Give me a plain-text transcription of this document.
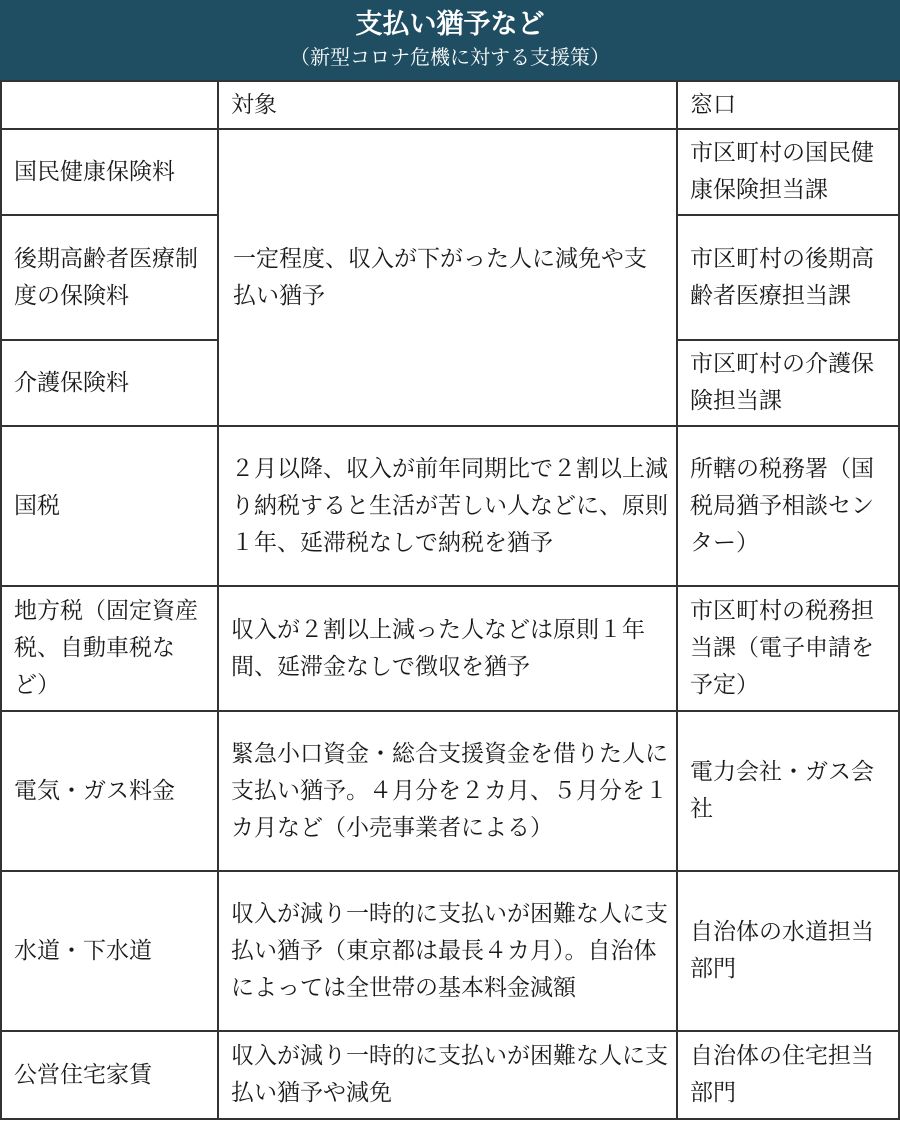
支払い猶予など
（新型コロナ危機に対する支援策）
	対象	窓口
国民健康保険料	一定程度、収入が下がった人に減免や支払い猶予	市区町村の国民健康保険担当課
後期高齢者医療制度の保険料		市区町村の後期高齢者医療担当課
介護保険料		市区町村の介護保険担当課
国税	２月以降、収入が前年同期比で２割以上減り納税すると生活が苦しい人などに、原則１年、延滞税なしで納税を猶予	所轄の税務署（国税局猶予相談センター）
地方税（固定資産税、自動車税など）	収入が２割以上減った人などは原則１年間、延滞金なしで徴収を猶予	市区町村の税務担当課（電子申請を予定）
電気・ガス料金	緊急小口資金・総合支援資金を借りた人に支払い猶予。４月分を２カ月、５月分を１カ月など（小売事業者による）	電力会社・ガス会社
水道・下水道	収入が減り一時的に支払いが困難な人に支払い猶予（東京都は最長４カ月）。自治体によっては全世帯の基本料金減額	自治体の水道担当部門
公営住宅家賃	収入が減り一時的に支払いが困難な人に支払い猶予や減免	自治体の住宅担当部門
